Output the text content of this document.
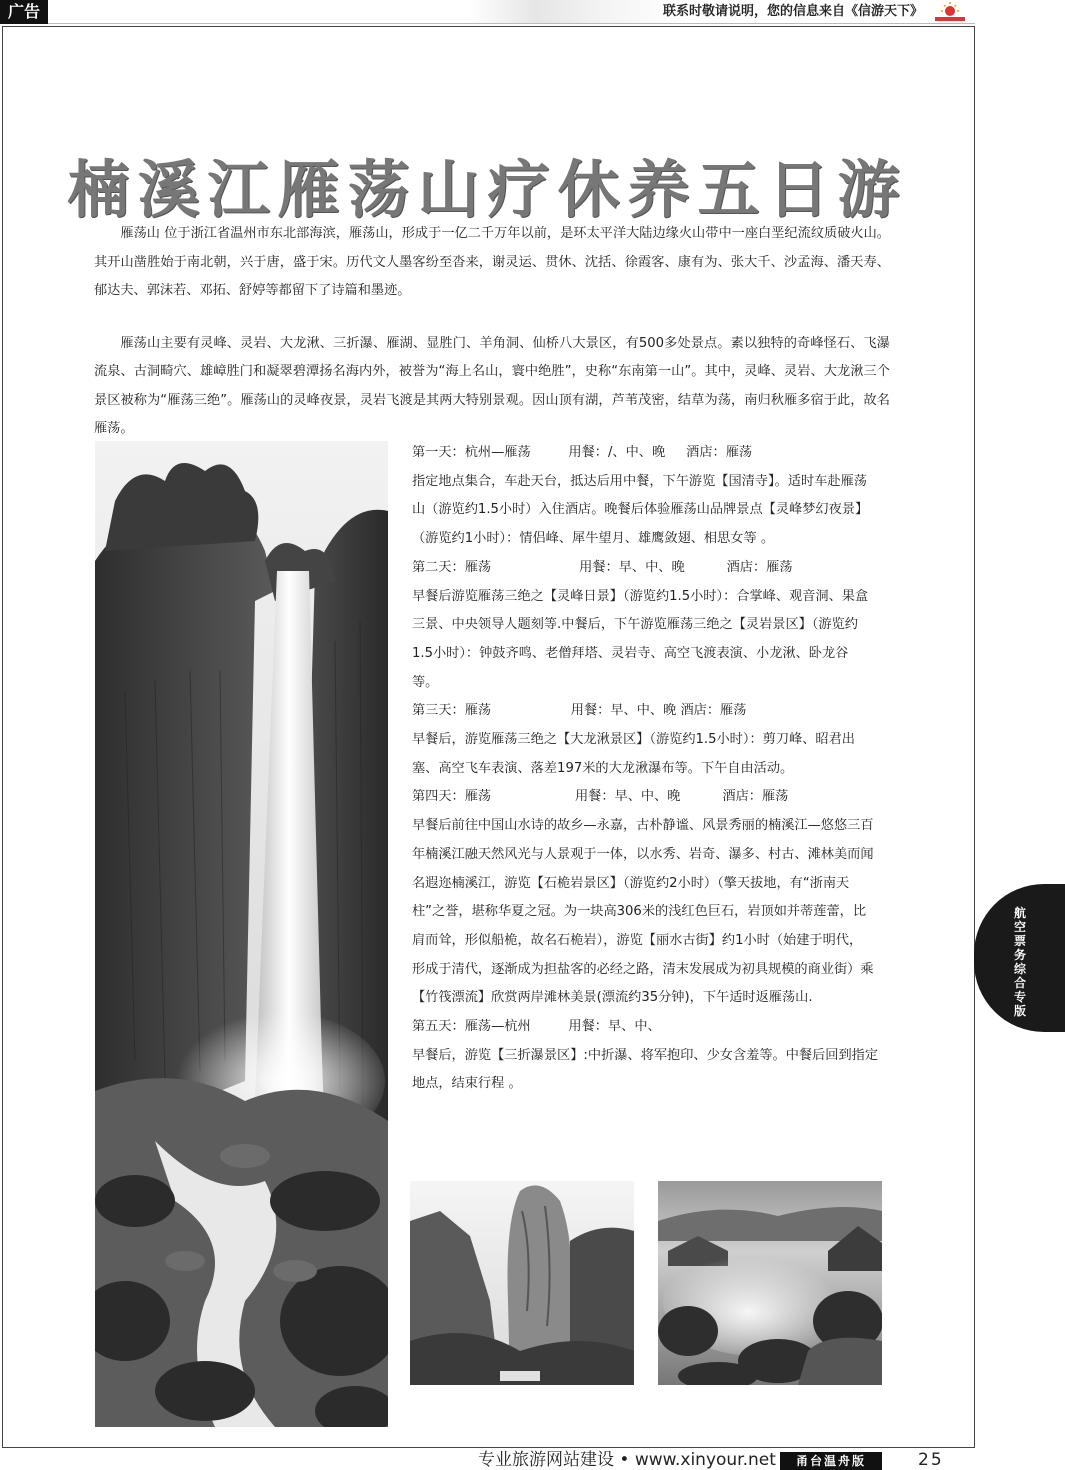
广告	联系时敬请说明，您的信息来自《信游天下》
楠溪江雁荡山疗休养五日游

雁荡山 位于浙江省温州市东北部海滨，雁荡山，形成于一亿二千万年以前，是环太平洋大陆边缘火山带中一座白垩纪流纹质破火山。其开山凿胜始于南北朝，兴于唐，盛于宋。历代文人墨客纷至沓来，谢灵运、贯休、沈括、徐霞客、康有为、张大千、沙孟海、潘天寿、郁达夫、郭沫若、邓拓、舒婷等都留下了诗篇和墨迹。

雁荡山主要有灵峰、灵岩、大龙湫、三折瀑、雁湖、显胜门、羊角洞、仙桥八大景区，有500多处景点。素以独特的奇峰怪石、飞瀑流泉、古洞畸穴、雄嶂胜门和凝翠碧潭扬名海内外，被誉为“海上名山，寰中绝胜”，史称“东南第一山”。其中，灵峰、灵岩、大龙湫三个景区被称为“雁荡三绝”。雁荡山的灵峰夜景，灵岩飞渡是其两大特别景观。因山顶有湖，芦苇茂密，结草为荡，南归秋雁多宿于此，故名雁荡。

第一天：杭州—雁荡         用餐：/、中、晚     酒店：雁荡
指定地点集合，车赴天台，抵达后用中餐，下午游览【国清寺】。适时车赴雁荡
山（游览约1.5小时）入住酒店。晚餐后体验雁荡山品牌景点【灵峰梦幻夜景】
（游览约1小时）：情侣峰、犀牛望月、雄鹰敛翅、相思女等 。
第二天：雁荡                     用餐：早、中、晚          酒店：雁荡
早餐后游览雁荡三绝之【灵峰日景】（游览约1.5小时）：合掌峰、观音洞、果盒
三景、中央领导人题刻等.中餐后，下午游览雁荡三绝之【灵岩景区】（游览约
1.5小时）：钟鼓齐鸣、老僧拜塔、灵岩寺、高空飞渡表演、小龙湫、卧龙谷
等。
第三天：雁荡                   用餐：早、中、晚 酒店：雁荡
早餐后，游览雁荡三绝之【大龙湫景区】（游览约1.5小时）：剪刀峰、昭君出
塞、高空飞车表演、落差197米的大龙湫瀑布等。下午自由活动。
第四天：雁荡                    用餐：早、中、晚          酒店：雁荡
早餐后前往中国山水诗的故乡—永嘉，古朴静谧、风景秀丽的楠溪江—悠悠三百
年楠溪江融天然风光与人景观于一体，以水秀、岩奇、瀑多、村古、滩林美而闻
名遐迩楠溪江，游览【石桅岩景区】（游览约2小时）（擎天拔地，有“浙南天
柱”之誉，堪称华夏之冠。为一块高306米的浅红色巨石，岩顶如并蒂莲蕾，比
肩而耸，形似船桅，故名石桅岩），游览【丽水古街】约1小时（始建于明代，
形成于清代，逐渐成为担盐客的必经之路，清末发展成为初具规模的商业街）乘
【竹筏漂流】欣赏两岸滩林美景(漂流约35分钟)，下午适时返雁荡山.
第五天：雁荡—杭州         用餐：早、中、
早餐后，游览【三折瀑景区】:中折瀑、将军抱印、少女含羞等。中餐后回到指定
地点，结束行程 。
航空票务综合专版
专业旅游网站建设 • www.xinyour.net	甬台温舟版	25
